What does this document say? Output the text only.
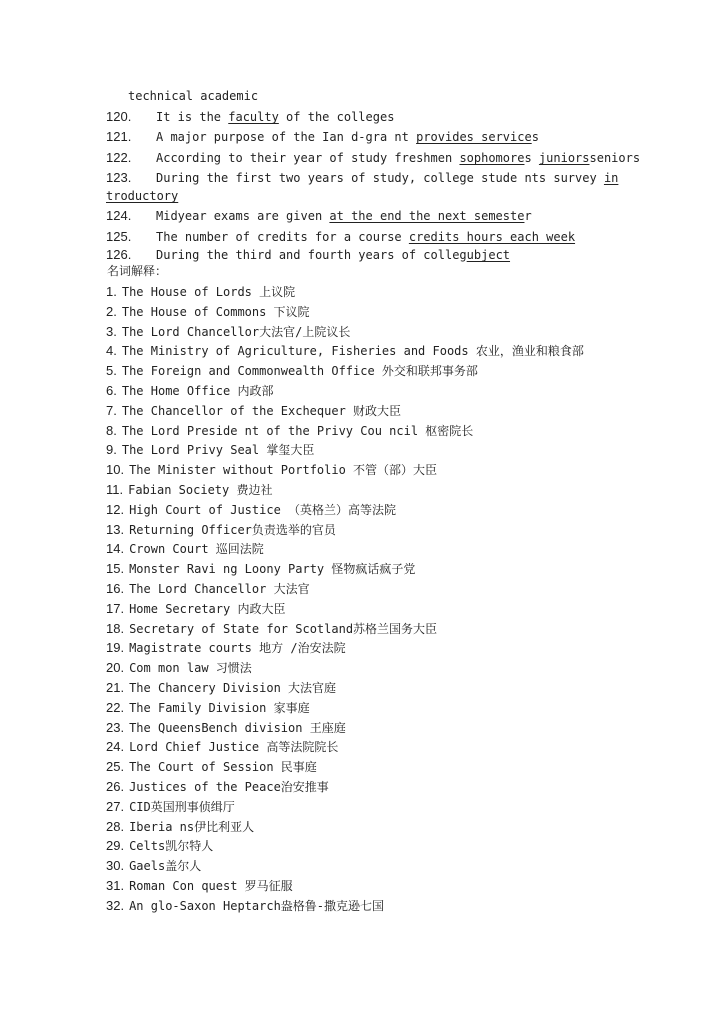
technical academic
120. It is the faculty of the colleges
121. A major purpose of the Ian d-gra nt provides services
122. According to their year of study freshmen sophomores juniorsseniors
123. During the first two years of study, college stude nts survey in
troductory
124. Midyear exams are given at the end the next semester
125. The number of credits for a course credits hours each week
126. During the third and fourth years of collegubject
名词解释：
1. The House of Lords 上议院
2. The House of Commons 下议院
3. The Lord Chancellor大法官/上院议长
4. The Ministry of Agriculture, Fisheries and Foods 农业，渔业和粮食部
5. The Foreign and Commonwealth Office 外交和联邦事务部
6. The Home Office 内政部
7. The Chancellor of the Exchequer 财政大臣
8. The Lord Preside nt of the Privy Cou ncil 枢密院长
9. The Lord Privy Seal 掌玺大臣
10. The Minister without Portfolio 不管（部）大臣
11. Fabian Society 费边社
12. High Court of Justice （英格兰）高等法院
13. Returning Officer负责选举的官员
14. Crown Court 巡回法院
15. Monster Ravi ng Loony Party 怪物疯话疯子党
16. The Lord Chancellor 大法官
17. Home Secretary 内政大臣
18. Secretary of State for Scotland苏格兰国务大臣
19. Magistrate courts 地方 /治安法院
20. Com mon law 习惯法
21. The Chancery Division 大法官庭
22. The Family Division 家事庭
23. The QueensBench division 王座庭
24. Lord Chief Justice 高等法院院长
25. The Court of Session 民事庭
26. Justices of the Peace治安推事
27. CID英国刑事侦缉厅
28. Iberia ns伊比利亚人
29. Celts凯尔特人
30. Gaels盖尔人
31. Roman Con quest 罗马征服
32. An glo-Saxon Heptarch盎格鲁-撒克逊七国
